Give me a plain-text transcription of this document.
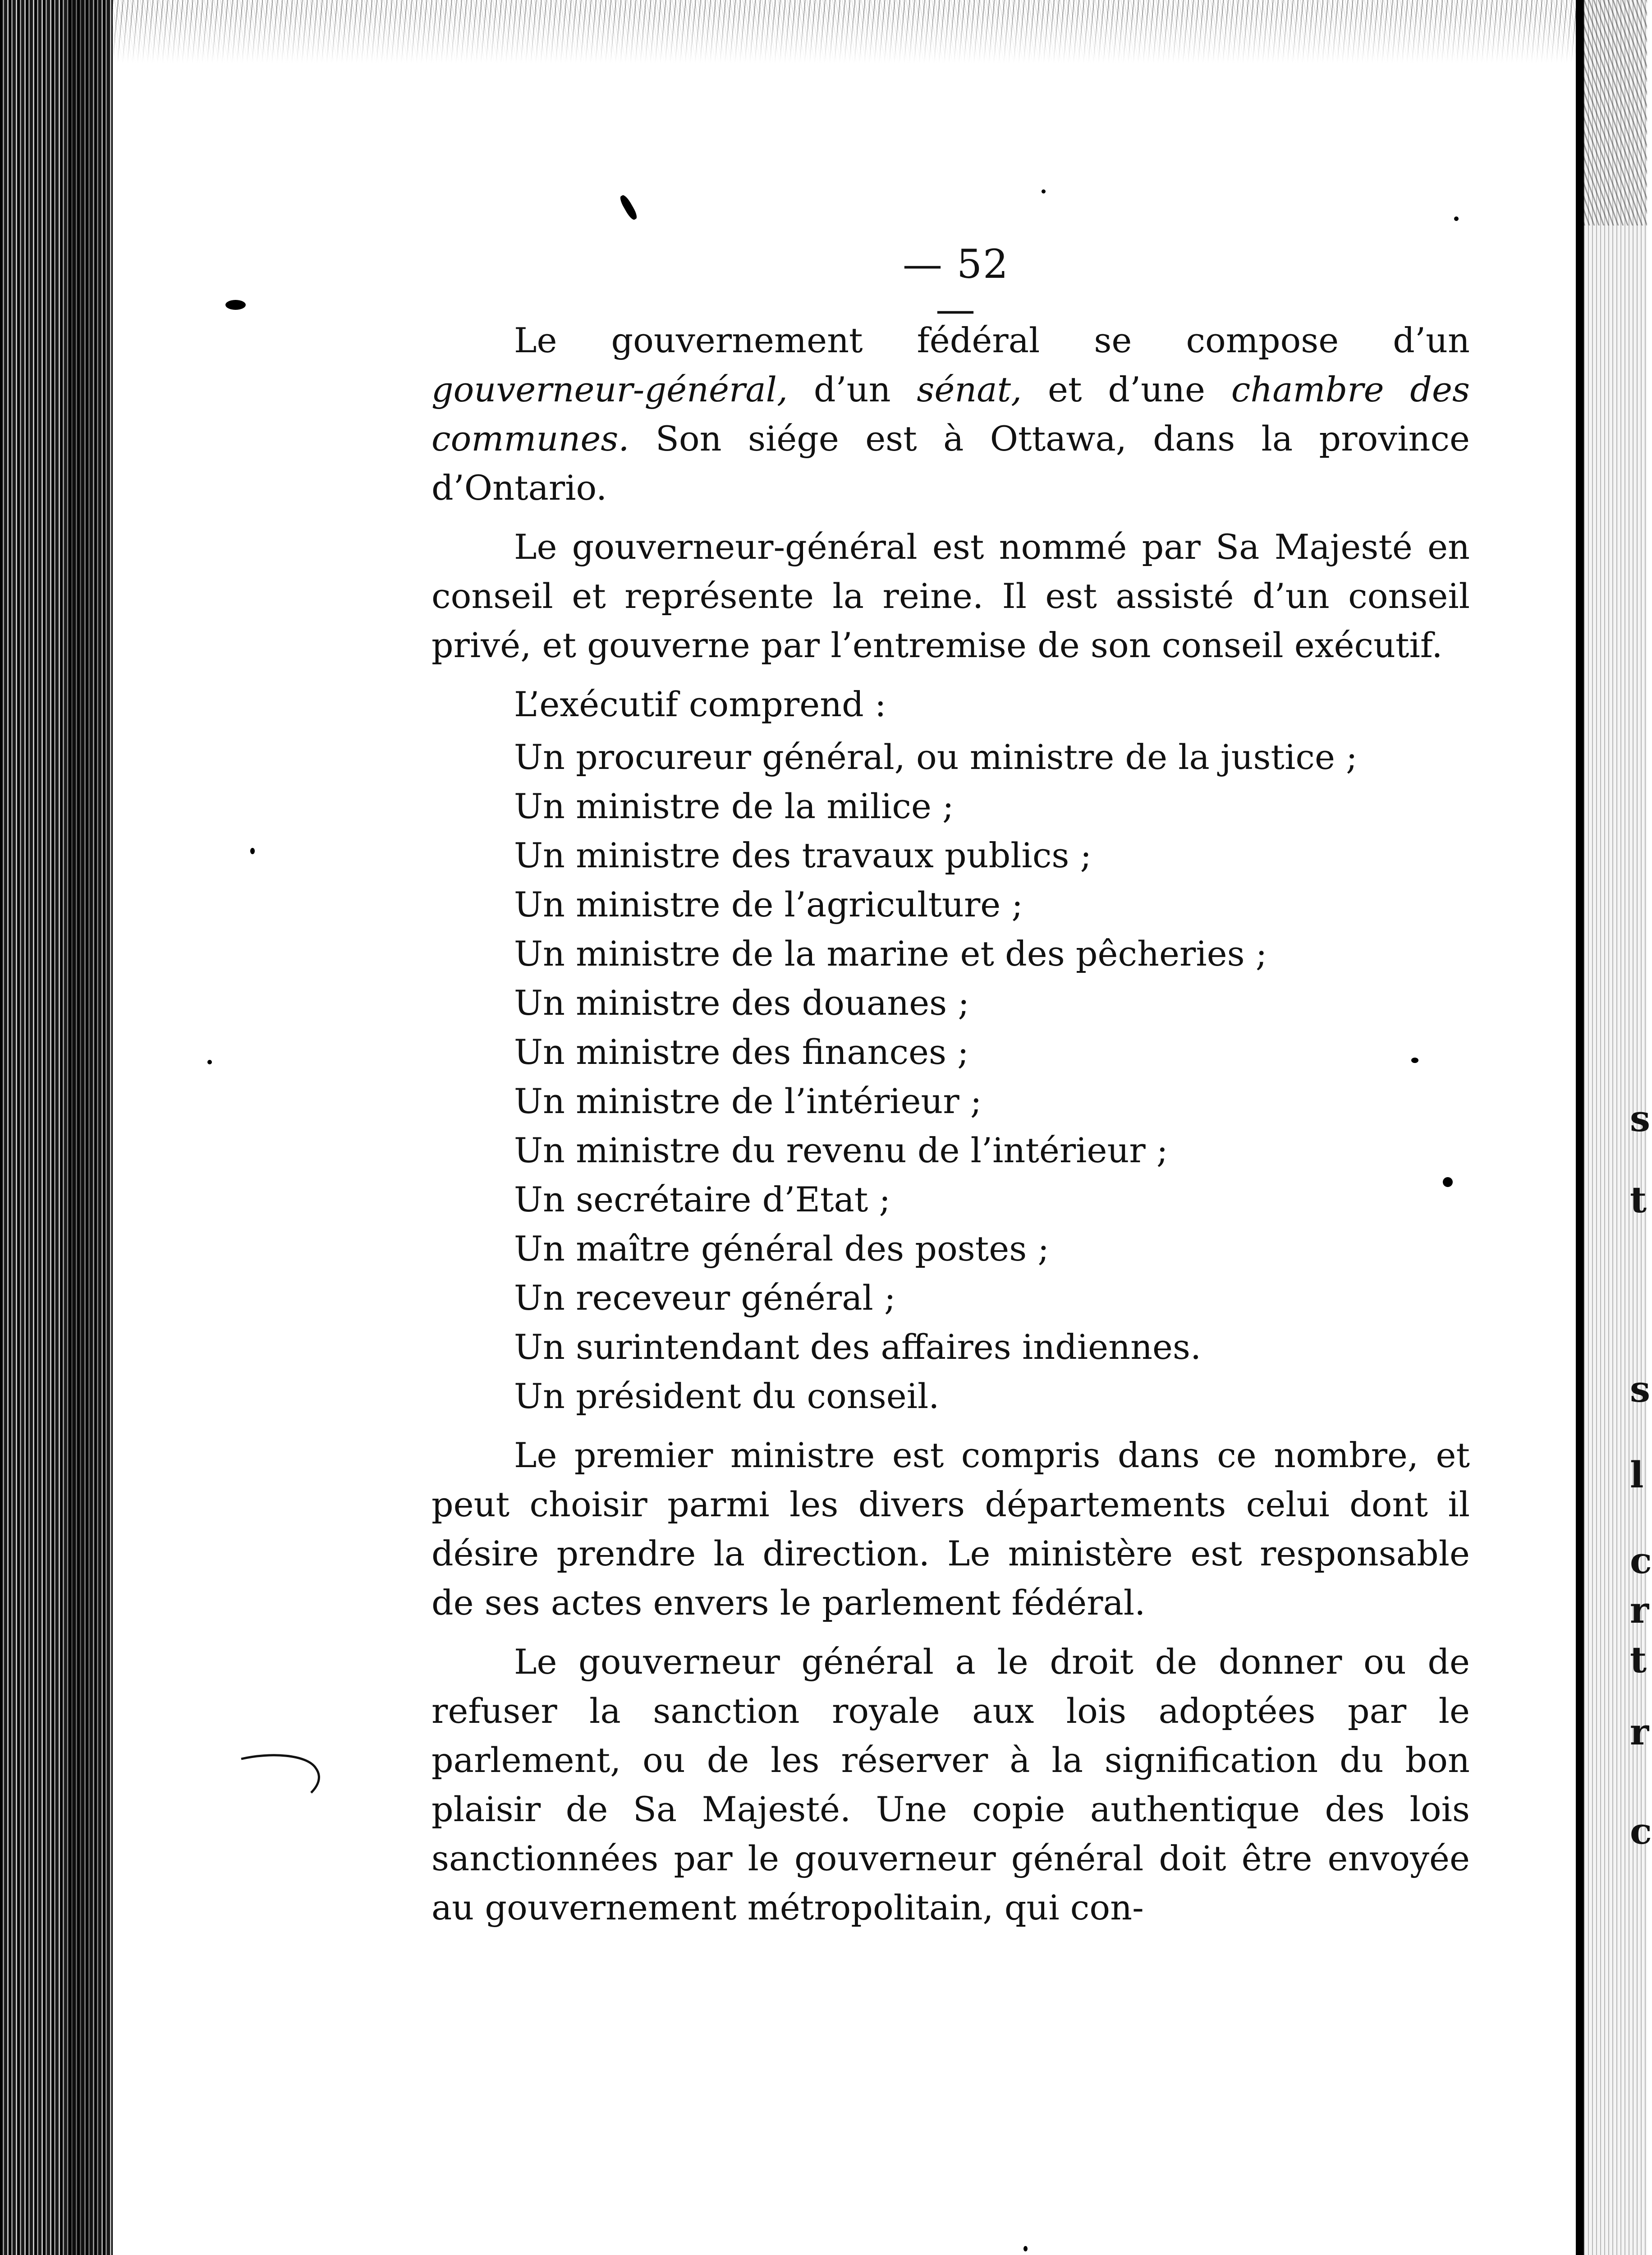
s
t
s
l
c
r
t
r
c
— 52 —

Le gouvernement fédéral se compose d’un gouverneur-général, d’un sénat, et d’une chambre des communes. Son siége est à Ottawa, dans la province d’Ontario.

Le gouverneur-général est nommé par Sa Majesté en conseil et représente la reine. Il est assisté d’un conseil privé, et gouverne par l’entremise de son conseil exécutif.

L’exécutif comprend :

Un procureur général, ou ministre de la justice ;
Un ministre de la milice ;
Un ministre des travaux publics ;
Un ministre de l’agriculture ;
Un ministre de la marine et des pêcheries ;
Un ministre des douanes ;
Un ministre des finances ;
Un ministre de l’intérieur ;
Un ministre du revenu de l’intérieur ;
Un secrétaire d’Etat ;
Un maître général des postes ;
Un receveur général ;
Un surintendant des affaires indiennes.
Un président du conseil.

Le premier ministre est compris dans ce nombre, et peut choisir parmi les divers départements celui dont il désire prendre la direction. Le ministère est responsable de ses actes envers le parlement fédéral.

Le gouverneur général a le droit de donner ou de refuser la sanction royale aux lois adoptées par le parlement, ou de les réserver à la signification du bon plaisir de Sa Majesté. Une copie authentique des lois sanctionnées par le gouverneur général doit être envoyée au gouvernement métropolitain, qui con-
